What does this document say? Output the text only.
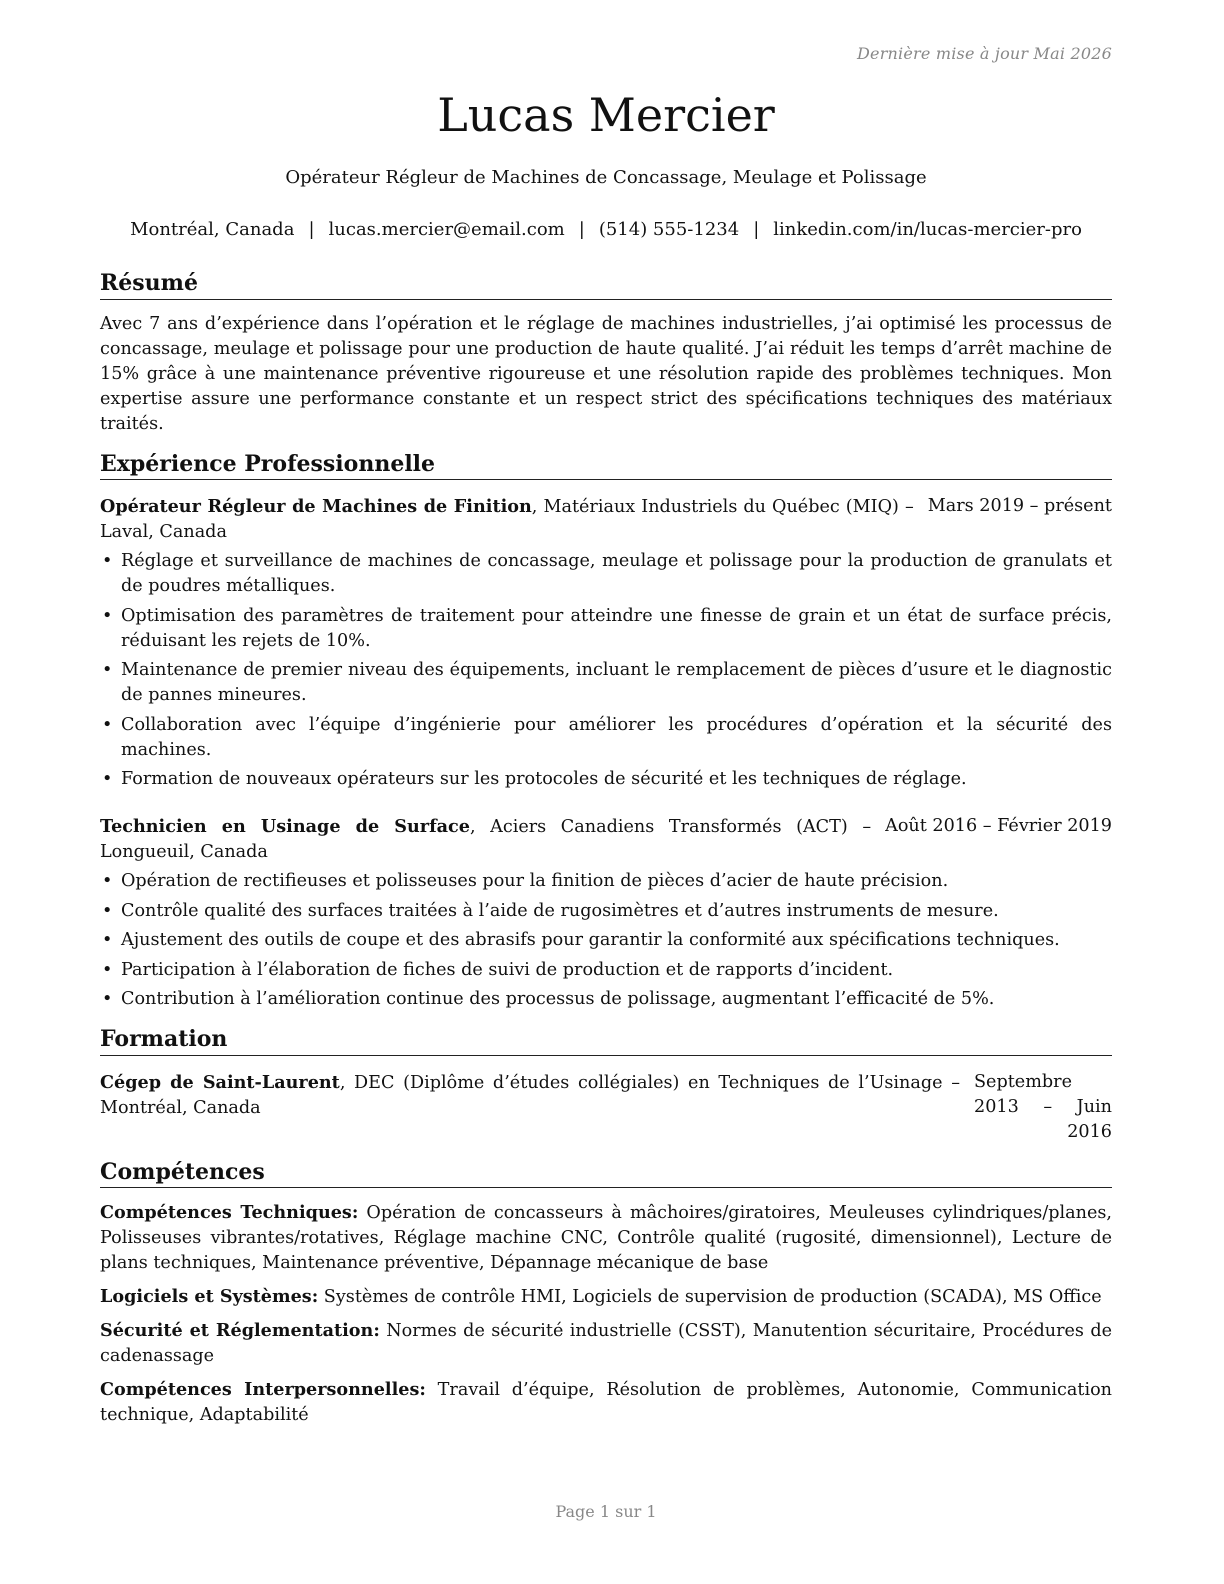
Dernière mise à jour Mai 2026
Lucas Mercier
Opérateur Régleur de Machines de Concassage, Meulage et Polissage
Montréal, Canada | lucas.mercier@email.com | (514) 555-1234 | linkedin.com/in/lucas-mercier-pro
Résumé

Avec 7 ans d’expérience dans l’opération et le réglage de machines industrielles, j’ai optimisé les processus de concassage, meulage et polissage pour une production de haute qualité. J’ai réduit les temps d’arrêt machine de 15% grâce à une maintenance préventive rigoureuse et une résolution rapide des problèmes techniques. Mon expertise assure une performance constante et un respect strict des spécifications techniques des matériaux traités.

Expérience Professionnelle
Opérateur Régleur de Machines de Finition, Matériaux Industriels du Québec (MIQ) – Laval, Canada
Mars 2019 – présent
• Réglage et surveillance de machines de concassage, meulage et polissage pour la production de granulats et de poudres métalliques.
• Optimisation des paramètres de traitement pour atteindre une finesse de grain et un état de surface précis, réduisant les rejets de 10%.
• Maintenance de premier niveau des équipements, incluant le remplacement de pièces d’usure et le diagnostic de pannes mineures.
• Collaboration avec l’équipe d’ingénierie pour améliorer les procédures d’opération et la sécurité des machines.
• Formation de nouveaux opérateurs sur les protocoles de sécurité et les techniques de réglage.
Technicien en Usinage de Surface, Aciers Canadiens Transformés (ACT) – Longueuil, Canada
Août 2016 – Février 2019
• Opération de rectifieuses et polisseuses pour la finition de pièces d’acier de haute précision.
• Contrôle qualité des surfaces traitées à l’aide de rugosimètres et d’autres instruments de mesure.
• Ajustement des outils de coupe et des abrasifs pour garantir la conformité aux spécifications techniques.
• Participation à l’élaboration de fiches de suivi de production et de rapports d’incident.
• Contribution à l’amélioration continue des processus de polissage, augmentant l’efficacité de 5%.
Formation
Cégep de Saint-Laurent, DEC (Diplôme d’études collégiales) en Techniques de l’Usinage – Montréal, Canada
Septembre 2013 – Juin 2016
Compétences

Compétences Techniques: Opération de concasseurs à mâchoires/giratoires, Meuleuses cylindriques/planes, Polisseuses vibrantes/rotatives, Réglage machine CNC, Contrôle qualité (rugosité, dimensionnel), Lecture de plans techniques, Maintenance préventive, Dépannage mécanique de base

Logiciels et Systèmes: Systèmes de contrôle HMI, Logiciels de supervision de production (SCADA), MS Office

Sécurité et Réglementation: Normes de sécurité industrielle (CSST), Manutention sécuritaire, Procédures de cadenassage

Compétences Interpersonnelles: Travail d’équipe, Résolution de problèmes, Autonomie, Communication technique, Adaptabilité

Page 1 sur 1
